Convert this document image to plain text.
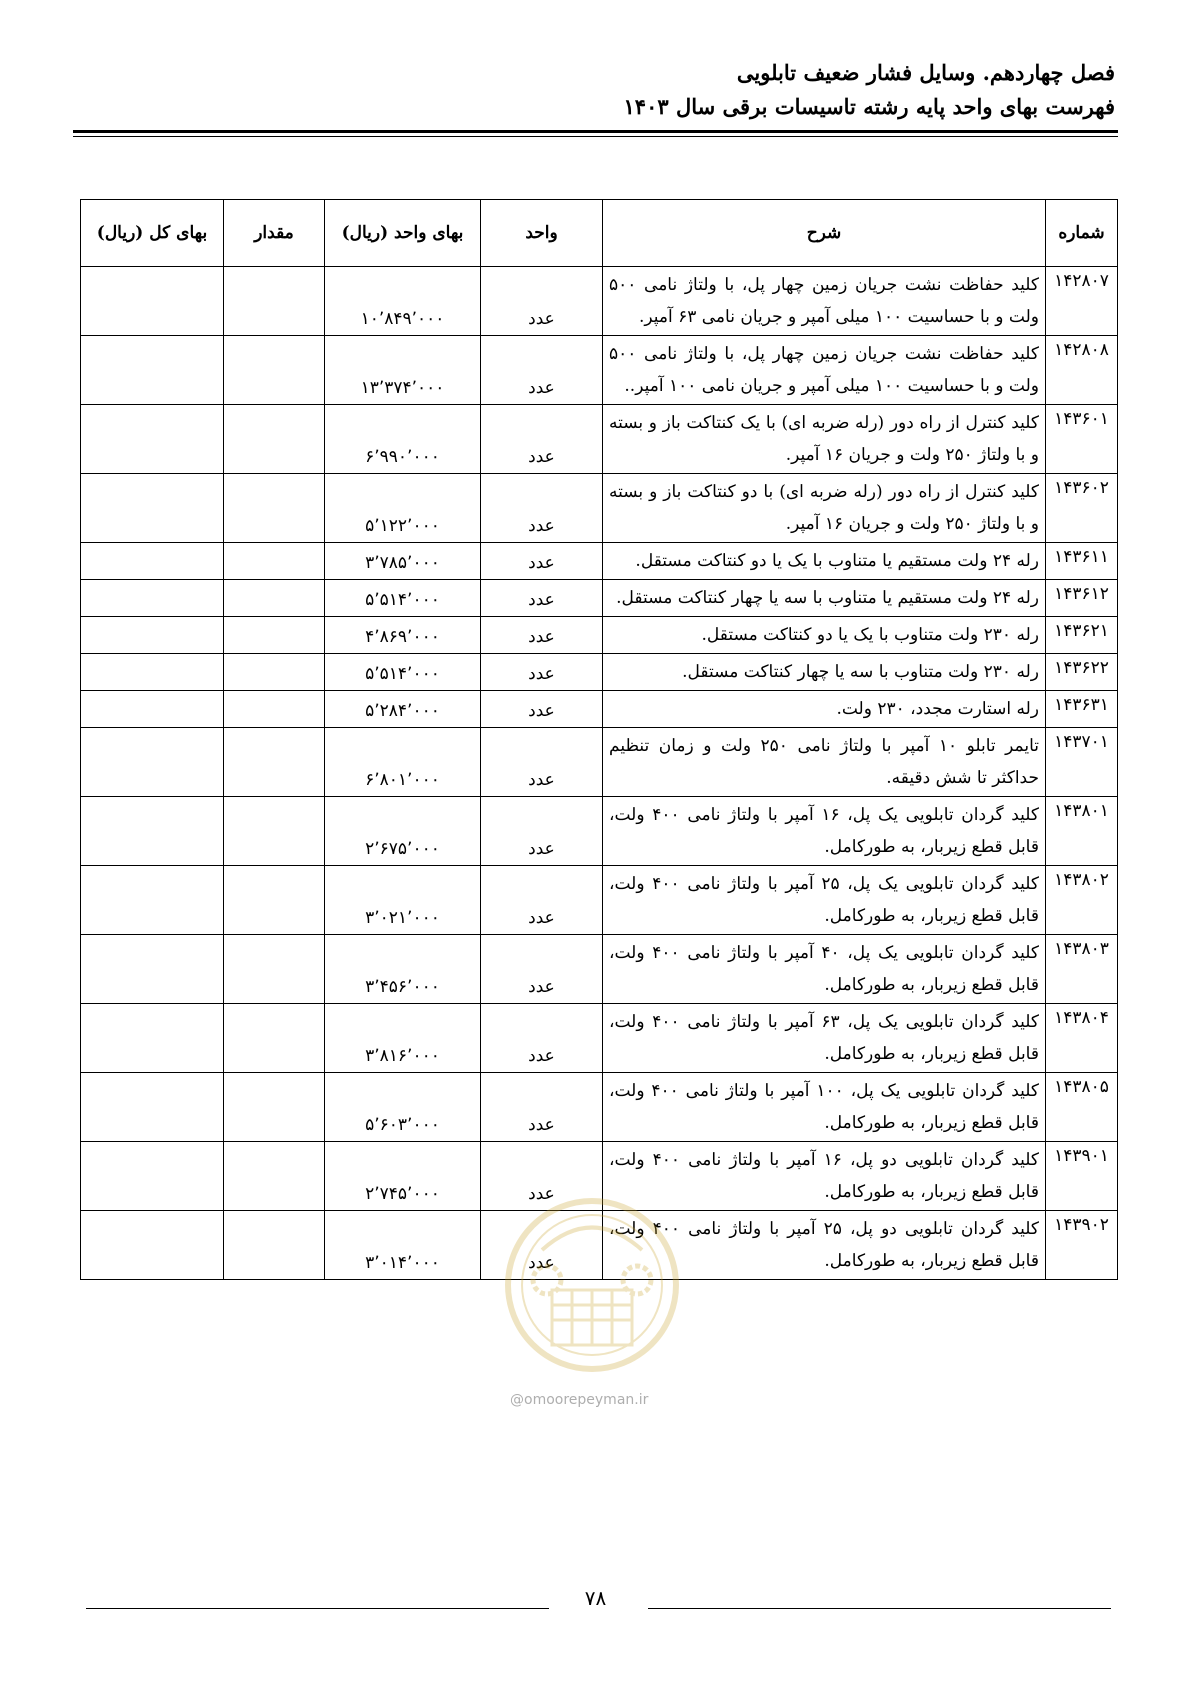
فصل چهاردهم. وسایل فشار ضعیف تابلویی
فهرست بهای واحد پایه رشته تاسیسات برقی سال ۱۴۰۳
شماره	شرح	واحد	بهای واحد (ریال)	مقدار	بهای کل (ریال)
۱۴۲۸۰۷	کلید حفاظت نشت جریان زمین چهار پل، با ولتاژ نامی ۵۰۰ ولت و با حساسیت ۱۰۰ میلی آمپر و جریان نامی ۶۳ آمپر.	عدد	۱۰٬۸۴۹٬۰۰۰		
۱۴۲۸۰۸	کلید حفاظت نشت جریان زمین چهار پل، با ولتاژ نامی ۵۰۰ ولت و با حساسیت ۱۰۰ میلی آمپر و جریان نامی ۱۰۰ آمپر..	عدد	۱۳٬۳۷۴٬۰۰۰		
۱۴۳۶۰۱	کلید کنترل از راه دور (رله ضربه ای) با یک کنتاکت باز و بسته و با ولتاژ ۲۵۰ ولت و جریان ۱۶ آمپر.	عدد	۶٬۹۹۰٬۰۰۰		
۱۴۳۶۰۲	کلید کنترل از راه دور (رله ضربه ای) با دو کنتاکت باز و بسته و با ولتاژ ۲۵۰ ولت و جریان ۱۶ آمپر.	عدد	۵٬۱۲۲٬۰۰۰		
۱۴۳۶۱۱	رله ۲۴ ولت مستقیم یا متناوب با یک یا دو کنتاکت مستقل.	عدد	۳٬۷۸۵٬۰۰۰		
۱۴۳۶۱۲	رله ۲۴ ولت مستقیم یا متناوب با سه یا چهار کنتاکت مستقل.	عدد	۵٬۵۱۴٬۰۰۰		
۱۴۳۶۲۱	رله ۲۳۰ ولت متناوب با یک یا دو کنتاکت مستقل.	عدد	۴٬۸۶۹٬۰۰۰		
۱۴۳۶۲۲	رله ۲۳۰ ولت متناوب با سه یا چهار کنتاکت مستقل.	عدد	۵٬۵۱۴٬۰۰۰		
۱۴۳۶۳۱	رله استارت مجدد، ۲۳۰ ولت.	عدد	۵٬۲۸۴٬۰۰۰		
۱۴۳۷۰۱	تایمر تابلو ۱۰ آمپر با ولتاژ نامی ۲۵۰ ولت و زمان تنظیم حداکثر تا شش دقیقه.	عدد	۶٬۸۰۱٬۰۰۰		
۱۴۳۸۰۱	کلید گردان تابلویی یک پل، ۱۶ آمپر با ولتاژ نامی ۴۰۰ ولت، قابل قطع زیربار، به طورکامل.	عدد	۲٬۶۷۵٬۰۰۰		
۱۴۳۸۰۲	کلید گردان تابلویی یک پل، ۲۵ آمپر با ولتاژ نامی ۴۰۰ ولت، قابل قطع زیربار، به طورکامل.	عدد	۳٬۰۲۱٬۰۰۰		
۱۴۳۸۰۳	کلید گردان تابلویی یک پل، ۴۰ آمپر با ولتاژ نامی ۴۰۰ ولت، قابل قطع زیربار، به طورکامل.	عدد	۳٬۴۵۶٬۰۰۰		
۱۴۳۸۰۴	کلید گردان تابلویی یک پل، ۶۳ آمپر با ولتاژ نامی ۴۰۰ ولت، قابل قطع زیربار، به طورکامل.	عدد	۳٬۸۱۶٬۰۰۰		
۱۴۳۸۰۵	کلید گردان تابلویی یک پل، ۱۰۰ آمپر با ولتاژ نامی ۴۰۰ ولت، قابل قطع زیربار، به طورکامل.	عدد	۵٬۶۰۳٬۰۰۰		
۱۴۳۹۰۱	کلید گردان تابلویی دو پل، ۱۶ آمپر با ولتاژ نامی ۴۰۰ ولت، قابل قطع زیربار، به طورکامل.	عدد	۲٬۷۴۵٬۰۰۰		
۱۴۳۹۰۲	کلید گردان تابلویی دو پل، ۲۵ آمپر با ولتاژ نامی ۴۰۰ ولت، قابل قطع زیربار، به طورکامل.	عدد	۳٬۰۱۴٬۰۰۰		
@omoorepeyman.ir
۷۸
